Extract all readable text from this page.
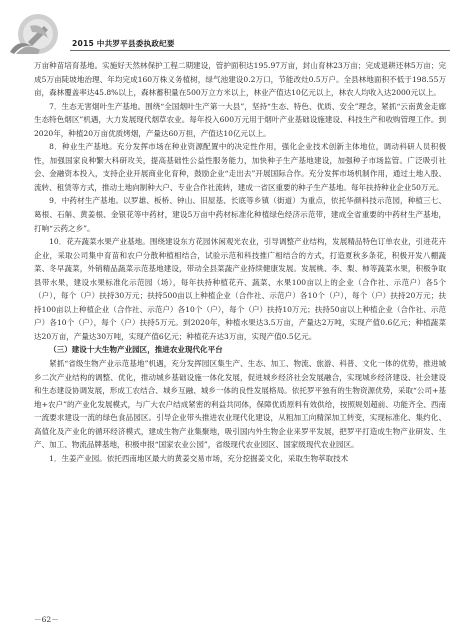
2015 中共罗平县委执政纪要

万亩种苗培育基地。实施好天然林保护工程二期建设，管护面积达195.97万亩，封山育林23万亩；完成退耕还林5万亩；完成5万亩陡坡地治理、年均完成160万株义务植树，绿气池建设0.2万口，节能改灶0.5万户。全县林地面积不低于198.55万亩，森林覆盖率达45.8%以上，森林蓄积量在500万立方米以上，林业产值达10亿元以上，林农人均收入达2000元以上。

7．生态无害烟叶生产基地。围绕“全国烟叶生产第一大县”，坚持“生态、特色、优质、安全”理念，紧抓“云南黄金走廊生态特色烟区”机遇，大力发展现代烟草农业。每年投入600万元用于烟叶产业基础设施建设、科技生产和收购管理工作。到2020年，种植20万亩优质烤烟，产量达60万担，产值达10亿元以上。

8．种业生产基地。充分发挥市场在种业资源配置中的决定性作用，强化企业技术创新主体地位，调动科研人员积极性，加强国家良种繁大科研攻关，提高基础性公益性服务能力，加快种子生产基地建设，加强种子市场监管。广泛吸引社会、金融资本投入，支持企业开展商业化育种，鼓励企业“走出去”开展国际合作。充分发挥市场机制作用，通过土地入股、流转、租赁等方式，推动土地向制种大户、专业合作社流转，建成一省区重要的种子生产基地。每年扶持种业企业50万元。

9．中药材生产基地。以罗雄、板桥、钟山、旧屋基、长底等乡镇（街道）为重点，依托华颜科技示范园，种植三七、葛根、石斛、黄姜根、金银花等中药材，建设5万亩中药材标准化种植绿色经济示范带，建成全省重要的中药材生产基地，打响“云药之乡”。

10．花卉蔬菜水果产业基地。围绕建设东方花园休闲观光农业，引导调整产业结构，发展精品特色订单农业，引进花卉企业，采取公司集中育苗和农户分散种植相结合，试验示范和科技推广相结合的方式，打造夏秋多条花，积极开发八棚蔬菜、冬早蔬菜，外销精品蔬菜示范基地建设，带动全县菜蔬产业持续健康发展。发展桃、李、梨、柿等蔬菜水果，积极争取县带水果，建设水果标准化示范园（场），每年扶持种植花卉、蔬菜、水果100亩以上的企业（合作社、示范户）各5个（户），每个（户）扶持30万元；扶持500亩以上种植企业（合作社、示范户）各10个（户），每个（户）扶持20万元；扶持100亩以上种植企业（合作社、示范户）各10个（户），每个（户）扶持10万元；扶持50亩以上种植企业（合作社、示范户）各10个（户），每个（户）扶持5万元。到2020年，种植水果达3.5万亩，产量达2万吨，实现产值0.6亿元；种植蔬菜达20万亩，产量达30万吨，实现产值6亿元；种植花卉达3万亩，实现产值0.5亿元。

（三）建设十大生物产业园区，推进农业现代化平台

紧抓“省级生物产业示范基地”机遇，充分发挥园区集生产、生态、加工、物流、旅游、科普、文化一体的优势，推进城乡二次产业结构的调整、优化，推动城乡基础设施一体化发展，促进城乡经济社会发展融合，实现城乡经济建设、社会建设和生态建设协调发展，形成工农结合、城乡互融、城乡一体的良性发展格局。依托罗平独有的生物资源优势，采取“公司+基地+农户”的产业化发展模式，与广大农户结成紧密的利益共同体，保障优质原料有效供给，按照规划超前、功能齐全、西南一流要求建设一流的绿色食品园区。引导企业带头推进农业现代化建设，从粗加工向精深加工转变，实现标准化、集约化、高值化及产业化的循环经济模式，建成生物产业集聚地，吸引国内外生物企业来罗平发展，把罗平打造成生物产业研发、生产、加工、物流品牌基地，积极申报“国家农业公园”，省级现代农业园区、国家级现代农业园区。

1．生姜产业园。依托西南地区最大的黄姜交易市场，充分挖掘姜文化，采取生物萃取技术

－62－
